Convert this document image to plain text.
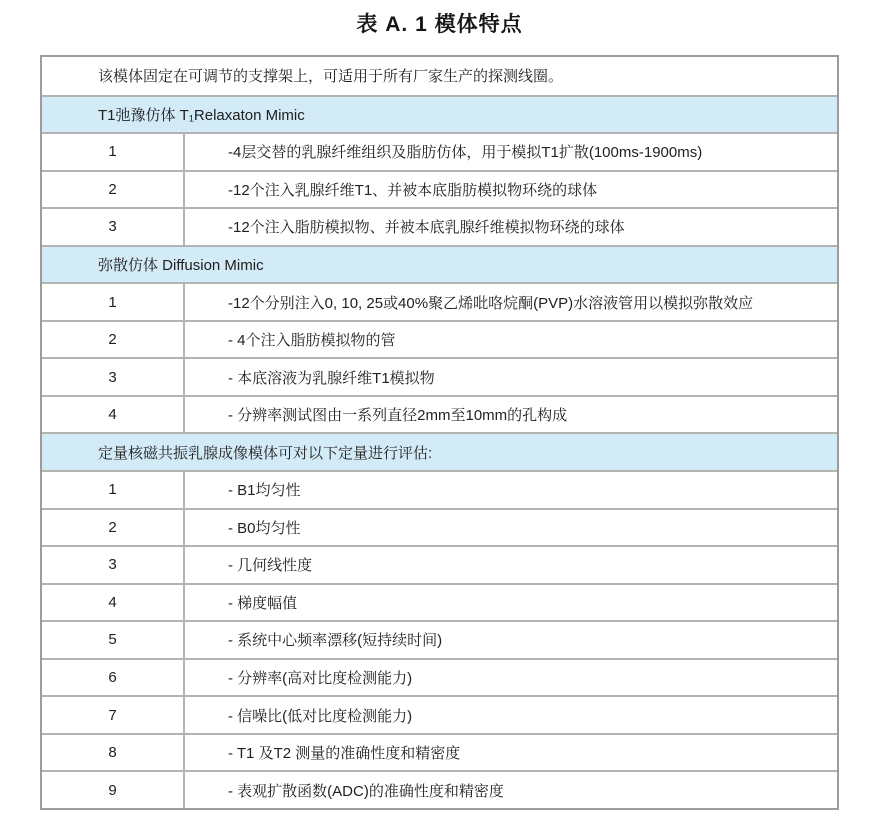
表 A. 1 模体特点
该模体固定在可调节的支撑架上，可适用于所有厂家生产的探测线圈。
T1弛豫仿体 T₁Relaxaton Mimic
1	-4层交替的乳腺纤维组织及脂肪仿体，用于模拟T1扩散(100ms-1900ms)
2	-12个注入乳腺纤维T1、并被本底脂肪模拟物环绕的球体
3	-12个注入脂肪模拟物、并被本底乳腺纤维模拟物环绕的球体
弥散仿体 Diffusion Mimic
1	-12个分别注入0, 10, 25或40%聚乙烯吡咯烷酮(PVP)水溶液管用以模拟弥散效应
2	- 4个注入脂肪模拟物的管
3	- 本底溶液为乳腺纤维T1模拟物
4	- 分辨率测试图由一系列直径2mm至10mm的孔构成
定量核磁共振乳腺成像模体可对以下定量进行评估:
1	- B1均匀性
2	- B0均匀性
3	- 几何线性度
4	- 梯度幅值
5	- 系统中心频率漂移(短持续时间)
6	- 分辨率(高对比度检测能力)
7	- 信噪比(低对比度检测能力)
8	- T1 及T2 测量的准确性度和精密度
9	- 表观扩散函数(ADC)的准确性度和精密度
